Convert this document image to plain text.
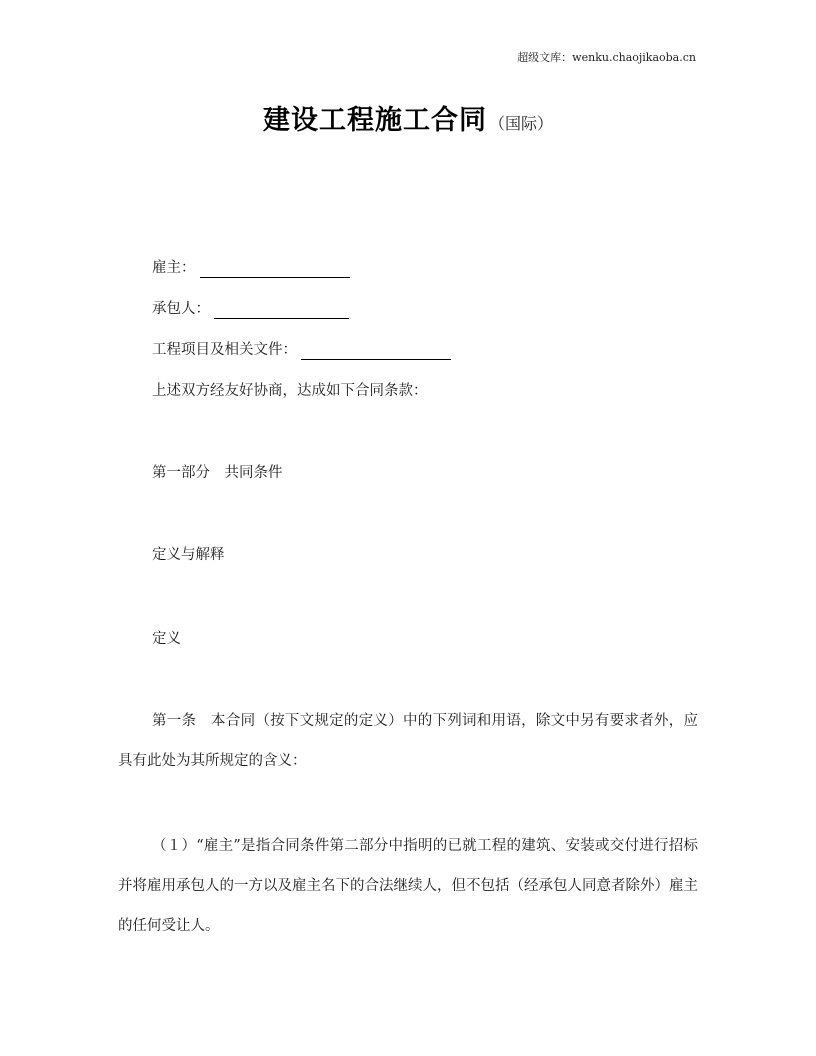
超级文库：wenku.chaojikaoba.cn
建设工程施工合同 （国际）
雇主：
承包人：
工程项目及相关文件：
上述双方经友好协商，达成如下合同条款：
第一部分　共同条件
定义与解释
定义
第一条　本合同（按下文规定的定义）中的下列词和用语，除文中另有要求者外，应具有此处为其所规定的含义：
（１）“雇主”是指合同条件第二部分中指明的已就工程的建筑、安装或交付进行招标并将雇用承包人的一方以及雇主名下的合法继续人，但不包括（经承包人同意者除外）雇主的任何受让人。
